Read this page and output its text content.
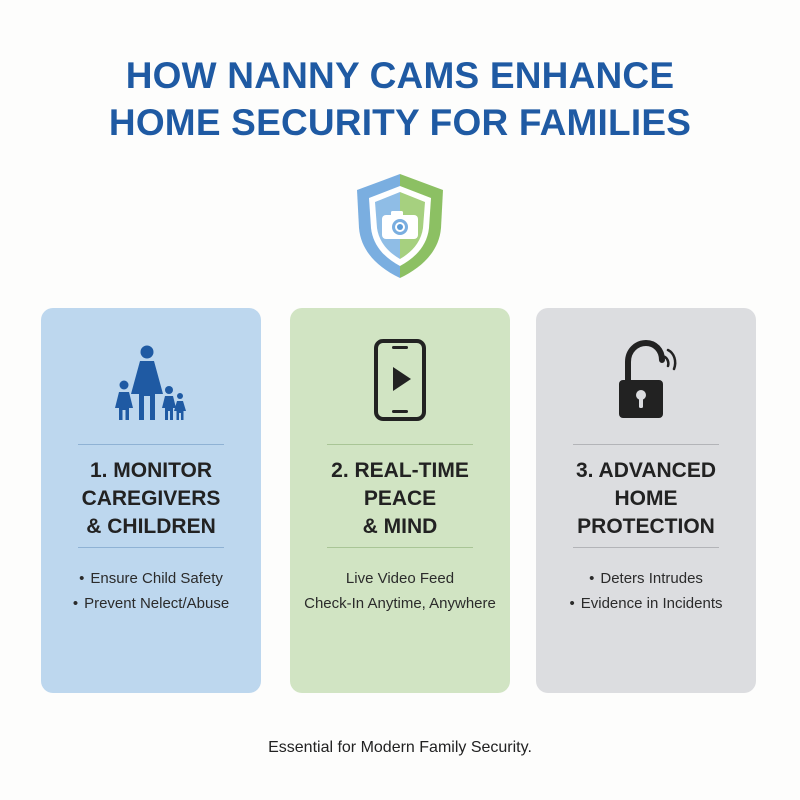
HOW NANNY CAMS ENHANCE
HOME SECURITY FOR FAMILIES
1. MONITOR
CAREGIVERS
& CHILDREN
• Ensure Child Safety
• Prevent Nelect/Abuse
2. REAL-TIME
PEACE
& MIND
Live Video Feed
Check-In Anytime, Anywhere
3. ADVANCED
HOME
PROTECTION
• Deters Intrudes
• Evidence in Incidents
Essential for Modern Family Security.
